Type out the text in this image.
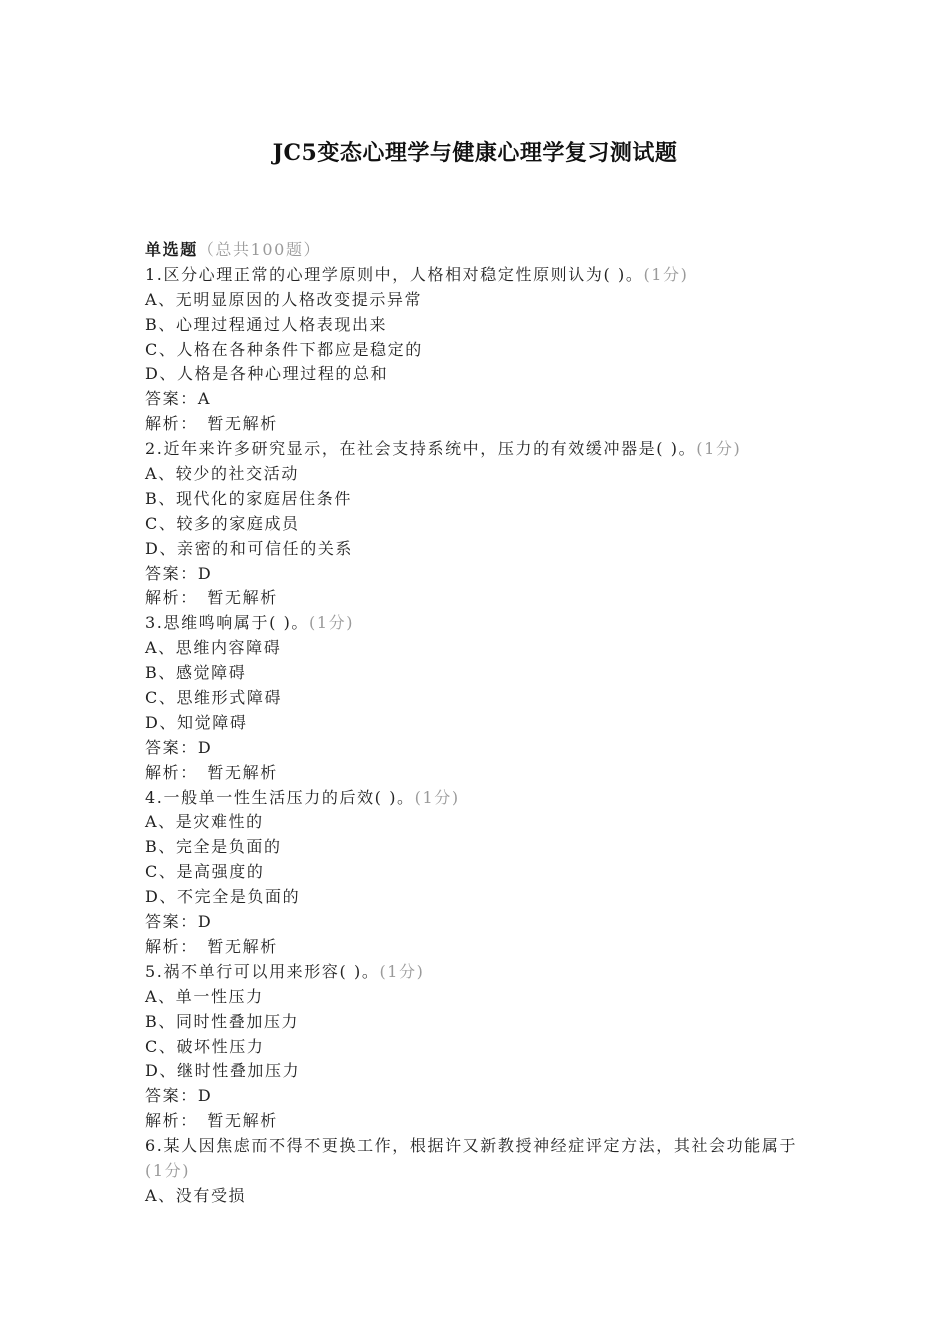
JC5变态心理学与健康心理学复习测试题
单选题（总共100题）
1.区分心理正常的心理学原则中，人格相对稳定性原则认为( )。(1分)
A、无明显原因的人格改变提示异常
B、心理过程通过人格表现出来
C、人格在各种条件下都应是稳定的
D、人格是各种心理过程的总和
答案：A
解析：　暂无解析
2.近年来许多研究显示，在社会支持系统中，压力的有效缓冲器是( )。(1分)
A、较少的社交活动
B、现代化的家庭居住条件
C、较多的家庭成员
D、亲密的和可信任的关系
答案：D
解析：　暂无解析
3.思维鸣响属于( )。(1分)
A、思维内容障碍
B、感觉障碍
C、思维形式障碍
D、知觉障碍
答案：D
解析：　暂无解析
4.一般单一性生活压力的后效( )。(1分)
A、是灾难性的
B、完全是负面的
C、是高强度的
D、不完全是负面的
答案：D
解析：　暂无解析
5.祸不单行可以用来形容( )。(1分)
A、单一性压力
B、同时性叠加压力
C、破坏性压力
D、继时性叠加压力
答案：D
解析：　暂无解析
6.某人因焦虑而不得不更换工作，根据许又新教授神经症评定方法，其社会功能属于(1分)
A、没有受损
